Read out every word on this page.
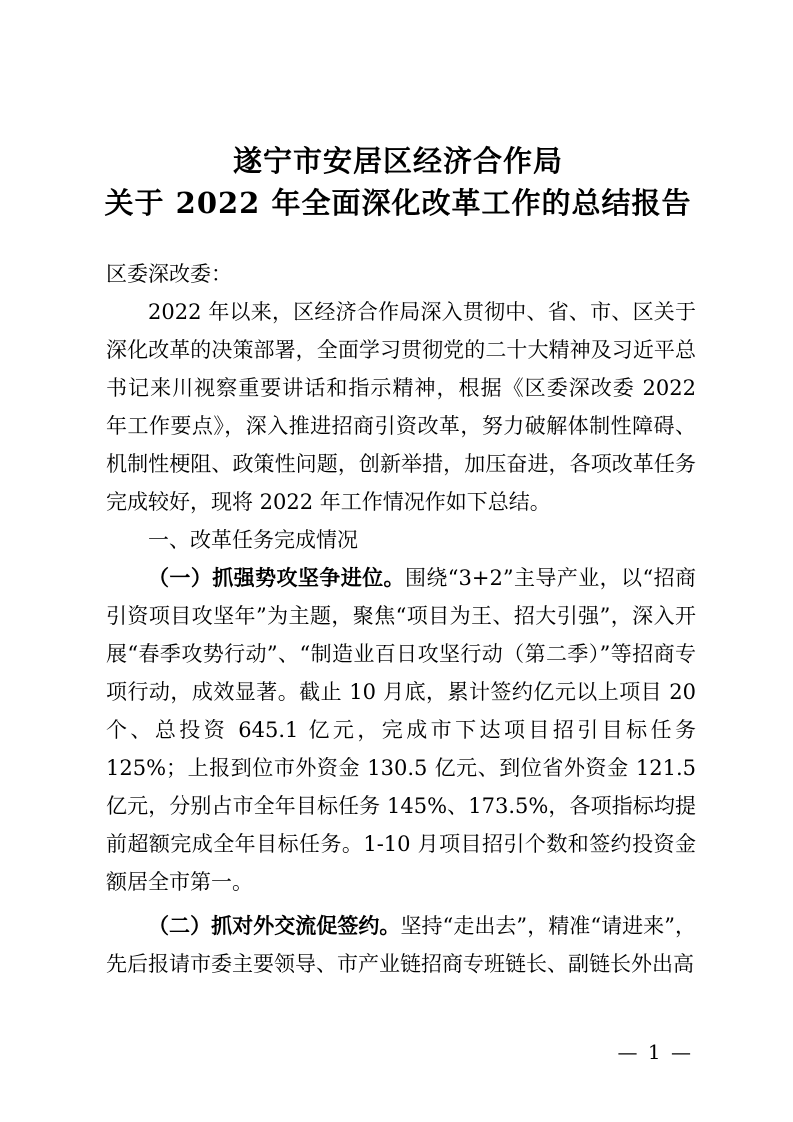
遂宁市安居区经济合作局
关于 2022 年全面深化改革工作的总结报告

区委深改委：

2022 年以来，区经济合作局深入贯彻中、省、市、区关于深化改革的决策部署，全面学习贯彻党的二十大精神及习近平总书记来川视察重要讲话和指示精神，根据《区委深改委 2022 年工作要点》，深入推进招商引资改革，努力破解体制性障碍、机制性梗阻、政策性问题，创新举措，加压奋进，各项改革任务完成较好，现将 2022 年工作情况作如下总结。

一、改革任务完成情况

（一）抓强势攻坚争进位。围绕“3+2”主导产业，以“招商引资项目攻坚年”为主题，聚焦“项目为王、招大引强”，深入开展“春季攻势行动”、“制造业百日攻坚行动（第二季）”等招商专项行动，成效显著。截止 10 月底，累计签约亿元以上项目 20 个、总投资 645.1 亿元，完成市下达项目招引目标任务 125%；上报到位市外资金 130.5 亿元、到位省外资金 121.5 亿元，分别占市全年目标任务 145%、173.5%，各项指标均提前超额完成全年目标任务。1-10 月项目招引个数和签约投资金额居全市第一。

（二）抓对外交流促签约。坚持“走出去”，精准“请进来”，先后报请市委主要领导、市产业链招商专班链长、副链长外出高

— 1 —
